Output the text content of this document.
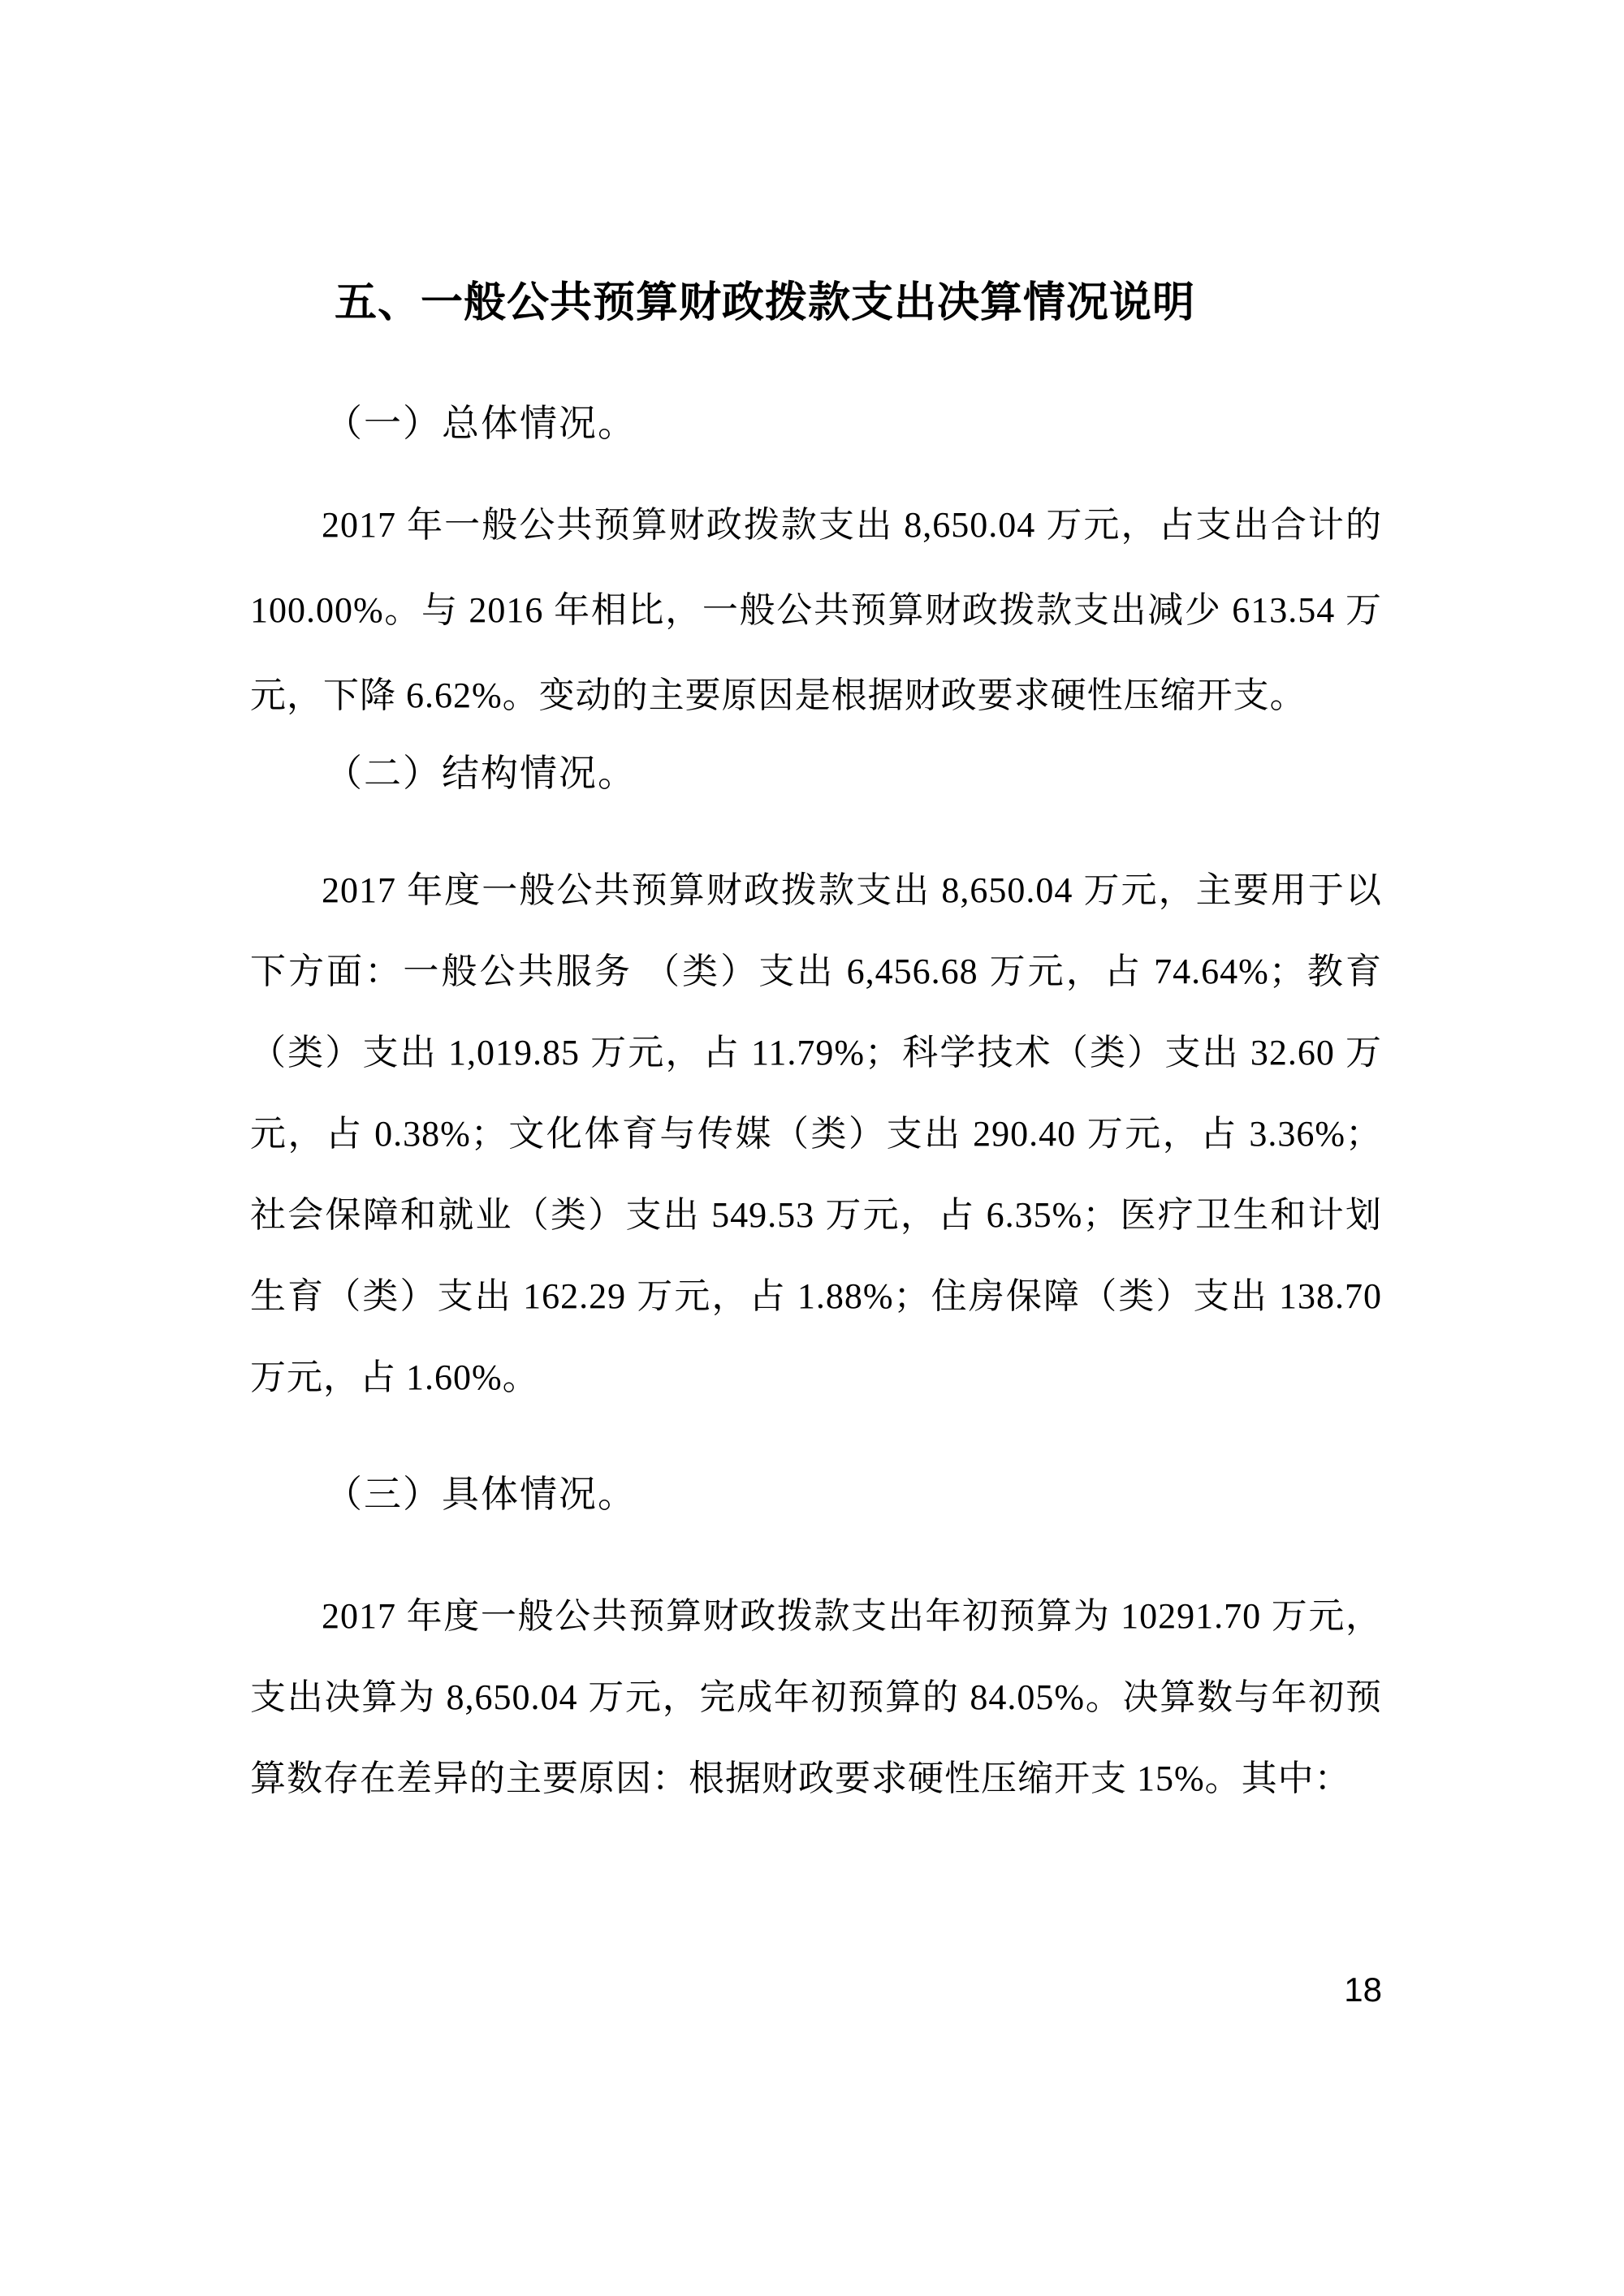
五、一般公共预算财政拨款支出决算情况说明
（一）总体情况。

2017 年一般公共预算财政拨款支出 8,650.04 万元，占支出合计的 100.00%。与 2016 年相比，一般公共预算财政拨款支出减少 613.54 万元，下降 6.62%。变动的主要原因是根据财政要求硬性压缩开支。

（二）结构情况。

2017 年度一般公共预算财政拨款支出 8,650.04 万元，主要用于以下方面：一般公共服务 （类）支出 6,456.68 万元，占 74.64%；教育（类）支出 1,019.85 万元，占 11.79%；科学技术（类）支出 32.60 万元，占 0.38%；文化体育与传媒（类）支出 290.40 万元，占 3.36%；社会保障和就业（类）支出 549.53 万元，占 6.35%；医疗卫生和计划生育（类）支出 162.29 万元，占 1.88%；住房保障（类）支出 138.70 万元，占 1.60%。

（三）具体情况。

2017 年度一般公共预算财政拨款支出年初预算为 10291.70 万元，支出决算为 8,650.04 万元，完成年初预算的 84.05%。决算数与年初预算数存在差异的主要原因：根据财政要求硬性压缩开支 15%。其中：

18
